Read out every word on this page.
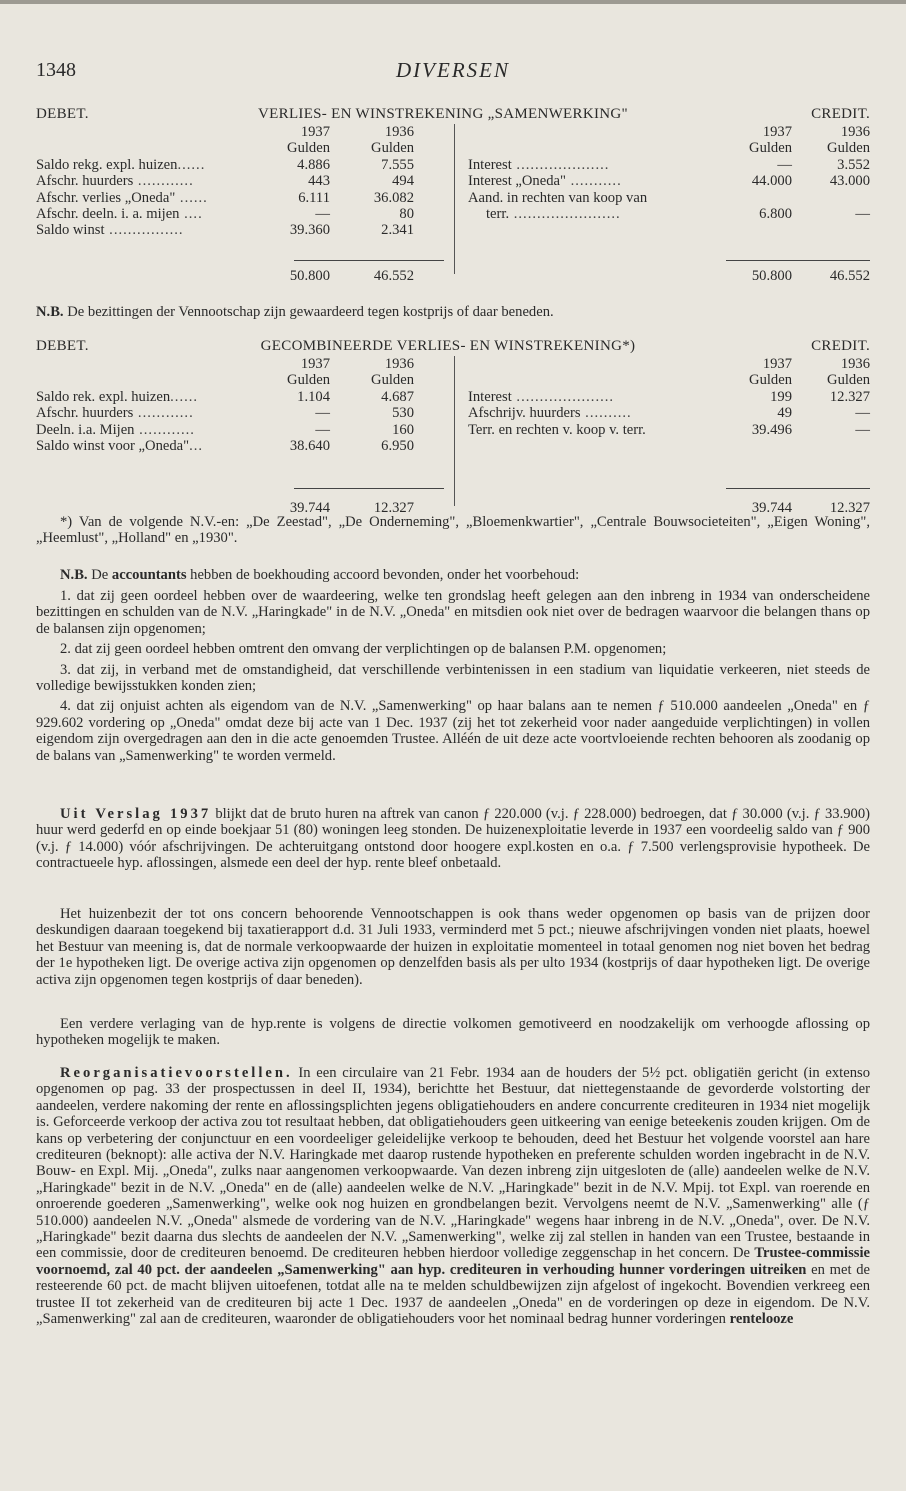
1348	DIVERSEN
DEBET.	VERLIES- EN WINSTREKENING „SAMENWERKING"	CREDIT.
1937	1936
Gulden	Gulden
Saldo rekg. expl. huizen......	4.886	7.555
Afschr. huurders ............	443	494
Afschr. verlies „Oneda" ......	6.111	36.082
Afschr. deeln. i. a. mijen ....	—	80
Saldo winst ................	39.360	2.341
50.800	46.552
1937	1936
Gulden Gulden
Interest ....................	—	3.552
Interest „Oneda" ...........	44.000	43.000
Aand. in rechten van koop van
terr. .......................	6.800	—
50.800	46.552

N.B. De bezittingen der Vennootschap zijn gewaardeerd tegen kostprijs of daar beneden.

DEBET.	GECOMBINEERDE VERLIES- EN WINSTREKENING*)	CREDIT.
1937	1936
Gulden	Gulden
Saldo rek. expl. huizen......	1.104	4.687
Afschr. huurders ............	—	530
Deeln. i.a. Mijen ............	—	160
Saldo winst voor „Oneda"...	38.640	6.950
39.744	12.327
1937	1936
Gulden Gulden
Interest .....................	199	12.327
Afschrijv. huurders ..........	49	—
Terr. en rechten v. koop v. terr.	39.496	—
39.744	12.327

*) Van de volgende N.V.-en: „De Zeestad", „De Onderneming", „Bloemenkwartier", „Centrale Bouwsocieteiten", „Eigen Woning", „Heemlust", „Holland" en „1930".

N.B. De accountants hebben de boekhouding accoord bevonden, onder het voorbehoud:

1. dat zij geen oordeel hebben over de waardeering, welke ten grondslag heeft gelegen aan den inbreng in 1934 van onderscheidene bezittingen en schulden van de N.V. „Haringkade" in de N.V. „Oneda" en mitsdien ook niet over de bedragen waarvoor die belangen thans op de balansen zijn opgenomen;

2. dat zij geen oordeel hebben omtrent den omvang der verplichtingen op de balansen P.M. opgenomen;

3. dat zij, in verband met de omstandigheid, dat verschillende verbintenissen in een stadium van liquidatie verkeeren, niet steeds de volledige bewijsstukken konden zien;

4. dat zij onjuist achten als eigendom van de N.V. „Samenwerking" op haar balans aan te nemen ƒ 510.000 aandeelen „Oneda" en ƒ 929.602 vordering op „Oneda" omdat deze bij acte van 1 Dec. 1937 (zij het tot zekerheid voor nader aangeduide verplichtingen) in vollen eigendom zijn overgedragen aan den in die acte genoemden Trustee. Alléén de uit deze acte voortvloeiende rechten behooren als zoodanig op de balans van „Samenwerking" te worden vermeld.

Uit Verslag 1937 blijkt dat de bruto huren na aftrek van canon ƒ 220.000 (v.j. ƒ 228.000) bedroegen, dat ƒ 30.000 (v.j. ƒ 33.900) huur werd gederfd en op einde boekjaar 51 (80) woningen leeg stonden. De huizenexploitatie leverde in 1937 een voordeelig saldo van ƒ 900 (v.j. ƒ 14.000) vóór afschrijvingen. De achteruitgang ontstond door hoogere expl.kosten en o.a. ƒ 7.500 verlengsprovisie hypotheek. De contractueele hyp. aflossingen, alsmede een deel der hyp. rente bleef onbetaald.

Het huizenbezit der tot ons concern behoorende Vennootschappen is ook thans weder opgenomen op basis van de prijzen door deskundigen daaraan toegekend bij taxatierapport d.d. 31 Juli 1933, verminderd met 5 pct.; nieuwe afschrijvingen vonden niet plaats, hoewel het Bestuur van meening is, dat de normale verkoopwaarde der huizen in exploitatie momenteel in totaal genomen nog niet boven het bedrag der 1e hypotheken ligt. De overige activa zijn opgenomen op denzelfden basis als per ulto 1934 (kostprijs of daar hypotheken ligt. De overige activa zijn opgenomen tegen kostprijs of daar beneden).

Een verdere verlaging van de hyp.rente is volgens de directie volkomen gemotiveerd en noodzakelijk om verhoogde aflossing op hypotheken mogelijk te maken.

Reorganisatievoorstellen. In een circulaire van 21 Febr. 1934 aan de houders der 5½ pct. obligatiën gericht (in extenso opgenomen op pag. 33 der prospectussen in deel II, 1934), berichtte het Bestuur, dat niettegenstaande de gevorderde volstorting der aandeelen, verdere nakoming der rente en aflossingsplichten jegens obligatiehouders en andere concurrente crediteuren in 1934 niet mogelijk is. Geforceerde verkoop der activa zou tot resultaat hebben, dat obligatiehouders geen uitkeering van eenige beteekenis zouden krijgen. Om de kans op verbetering der conjunctuur en een voordeeliger geleidelijke verkoop te behouden, deed het Bestuur het volgende voorstel aan hare crediteuren (beknopt): alle activa der N.V. Haringkade met daarop rustende hypotheken en preferente schulden worden ingebracht in de N.V. Bouw- en Expl. Mij. „Oneda", zulks naar aangenomen verkoopwaarde. Van dezen inbreng zijn uitgesloten de (alle) aandeelen welke de N.V. „Haringkade" bezit in de N.V. „Oneda" en de (alle) aandeelen welke de N.V. „Haringkade" bezit in de N.V. Mpij. tot Expl. van roerende en onroerende goederen „Samenwerking", welke ook nog huizen en grondbelangen bezit. Vervolgens neemt de N.V. „Samenwerking" alle (ƒ 510.000) aandeelen N.V. „Oneda" alsmede de vordering van de N.V. „Haringkade" wegens haar inbreng in de N.V. „Oneda", over. De N.V. „Haringkade" bezit daarna dus slechts de aandeelen der N.V. „Samenwerking", welke zij zal stellen in handen van een Trustee, bestaande in een commissie, door de crediteuren benoemd. De crediteuren hebben hierdoor volledige zeggenschap in het concern. De Trustee-commissie voornoemd, zal 40 pct. der aandeelen „Samenwerking" aan hyp. crediteuren in verhouding hunner vorderingen uitreiken en met de resteerende 60 pct. de macht blijven uitoefenen, totdat alle na te melden schuldbewijzen zijn afgelost of ingekocht. Bovendien verkreeg een trustee II tot zekerheid van de crediteuren bij acte 1 Dec. 1937 de aandeelen „Oneda" en de vorderingen op deze in eigendom. De N.V. „Samenwerking" zal aan de crediteuren, waaronder de obligatiehouders voor het nominaal bedrag hunner vorderingen rentelooze
